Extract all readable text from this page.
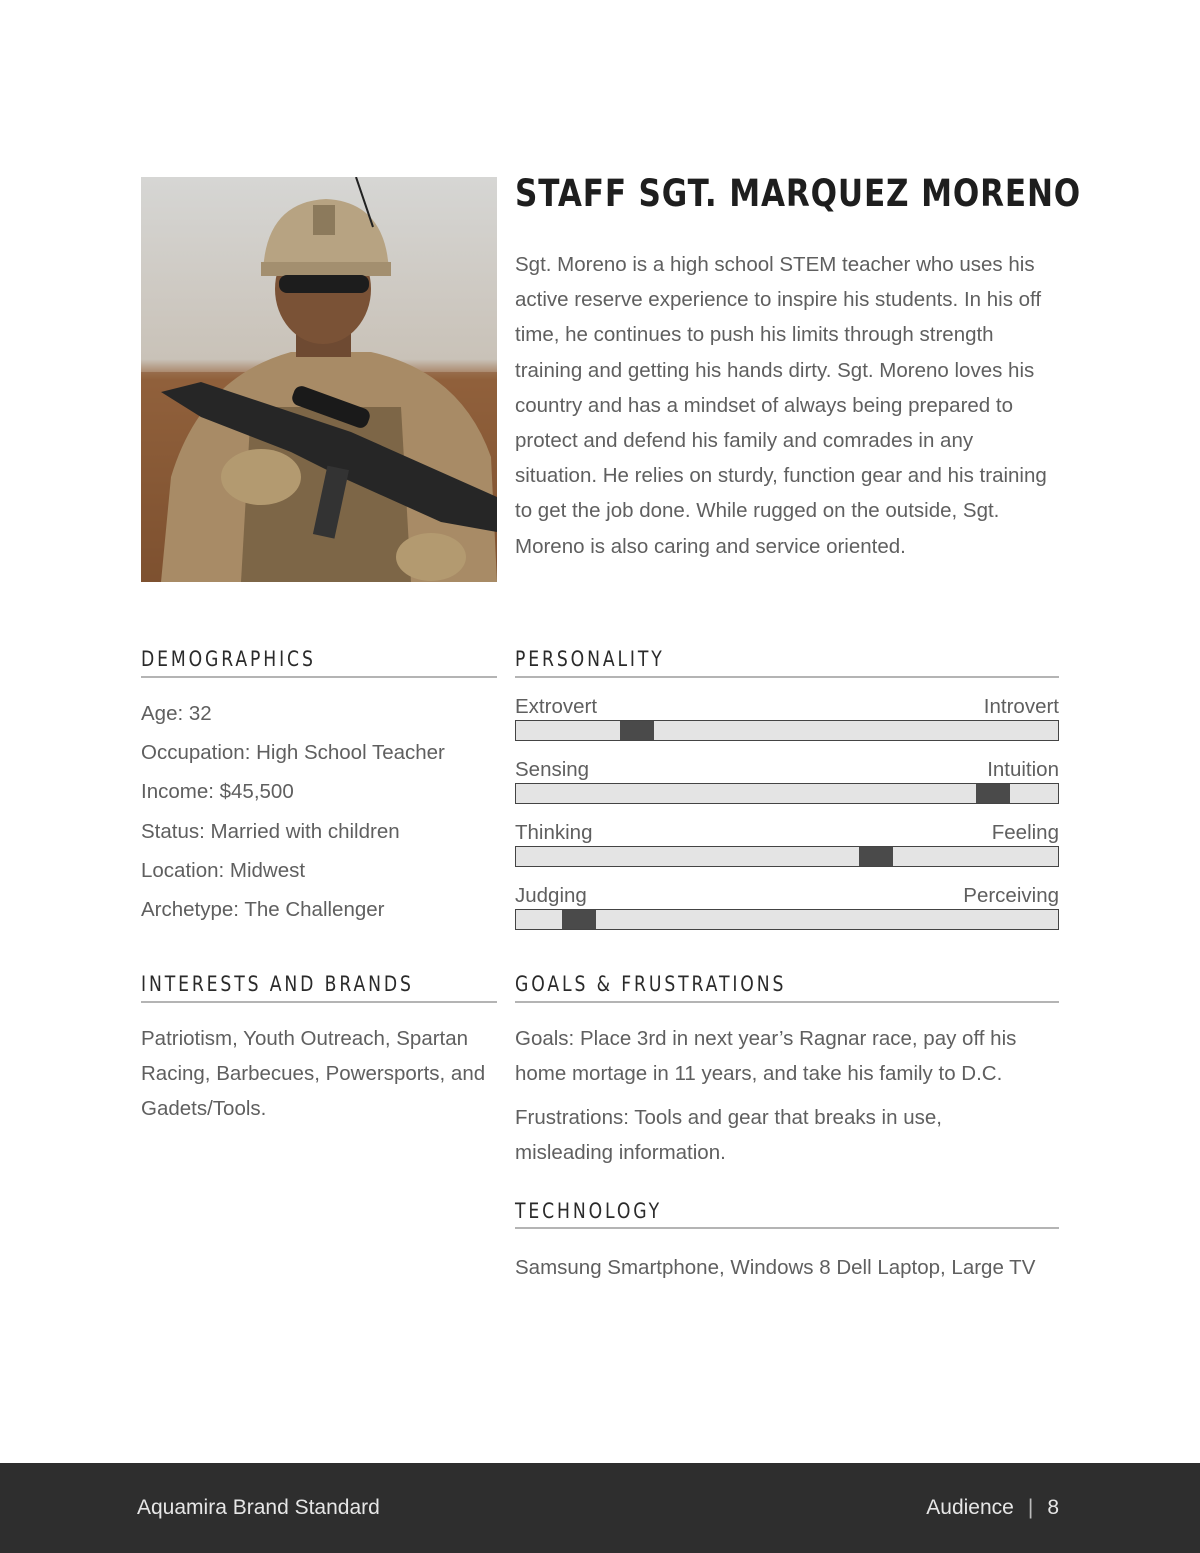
STAFF SGT. MARQUEZ MORENO

Sgt. Moreno is a high school STEM teacher who uses his active reserve experience to inspire his students. In his off time, he continues to push his limits through strength training and getting his hands dirty. Sgt. Moreno loves his country and has a mindset of always being prepared to protect and defend his family and comrades in any situation. He relies on sturdy, function gear and his training to get the job done. While rugged on the outside, Sgt. Moreno is also caring and service oriented.

DEMOGRAPHICS
Age: 32
Occupation: High School Teacher
Income: $45,500
Status: Married with children
Location: Midwest
Archetype: The Challenger
PERSONALITY
Extrovert	Introvert
Sensing	Intuition
Thinking	Feeling
Judging	Perceiving
INTERESTS AND BRANDS

Patriotism, Youth Outreach, Spartan Racing, Barbecues, Powersports, and Gadets/Tools.

GOALS & FRUSTRATIONS

Goals: Place 3rd in next year’s Ragnar race, pay off his home mortage in 11 years, and take his family to D.C.

Frustrations: Tools and gear that breaks in use, misleading information.

TECHNOLOGY

Samsung Smartphone, Windows 8 Dell Laptop, Large TV

Aquamira Brand Standard	Audience | 8
